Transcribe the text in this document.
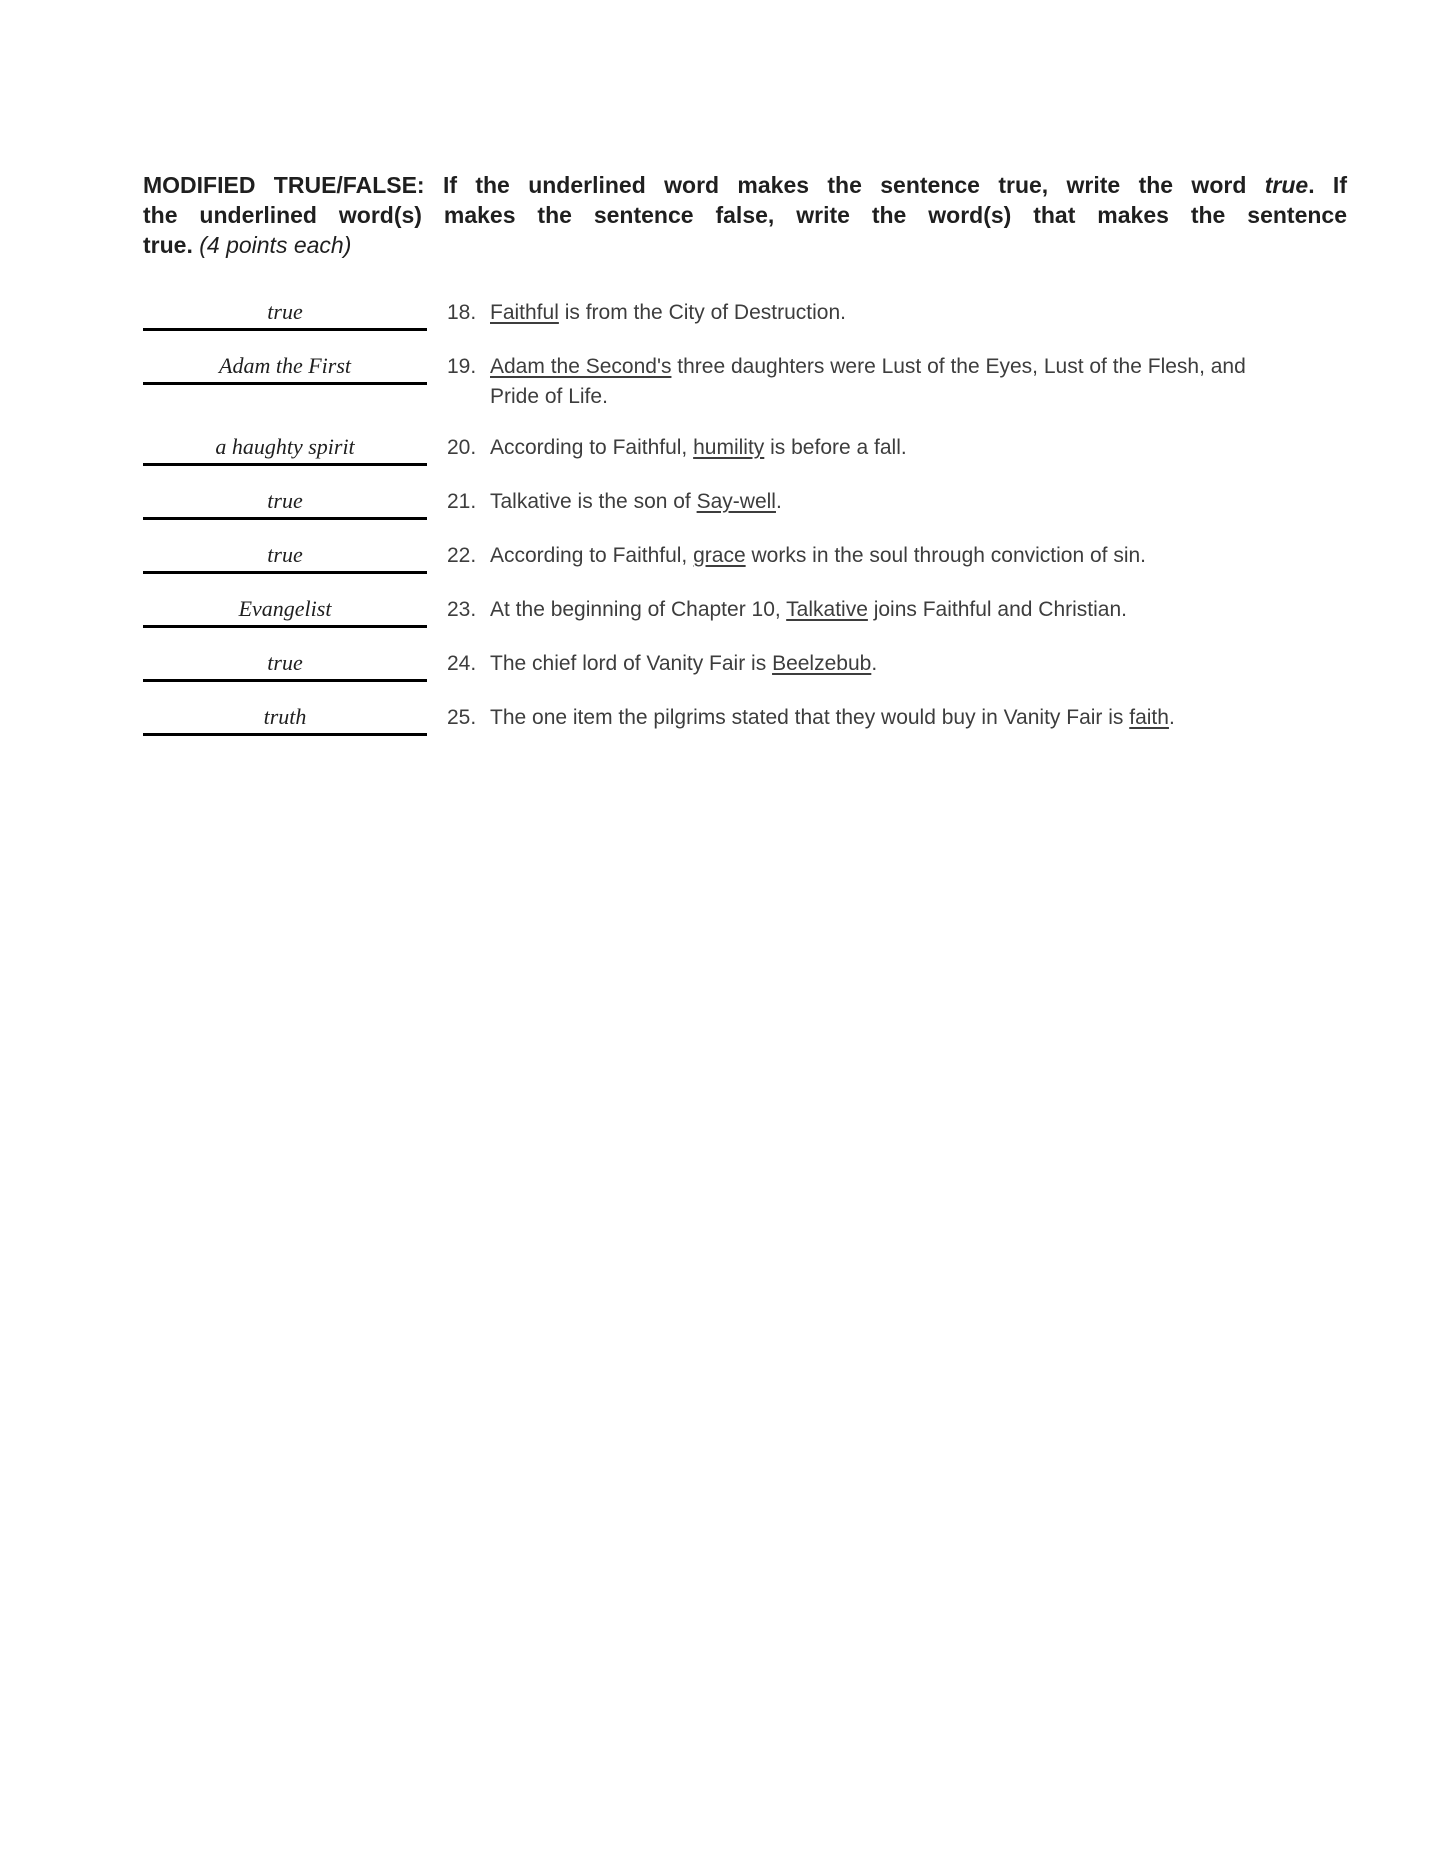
MODIFIED TRUE/FALSE: If the underlined word makes the sentence true, write the word true. If
the underlined word(s) makes the sentence false, write the word(s) that makes the sentence
true. (4 points each)
true	18. Faithful is from the City of Destruction.
Adam the First	19. Adam the Second's three daughters were Lust of the Eyes, Lust of the Flesh, and
Pride of Life.
a haughty spirit	20. According to Faithful, humility is before a fall.
true	21. Talkative is the son of Say-well.
true	22. According to Faithful, grace works in the soul through conviction of sin.
Evangelist	23. At the beginning of Chapter 10, Talkative joins Faithful and Christian.
true	24. The chief lord of Vanity Fair is Beelzebub.
truth	25. The one item the pilgrims stated that they would buy in Vanity Fair is faith.
